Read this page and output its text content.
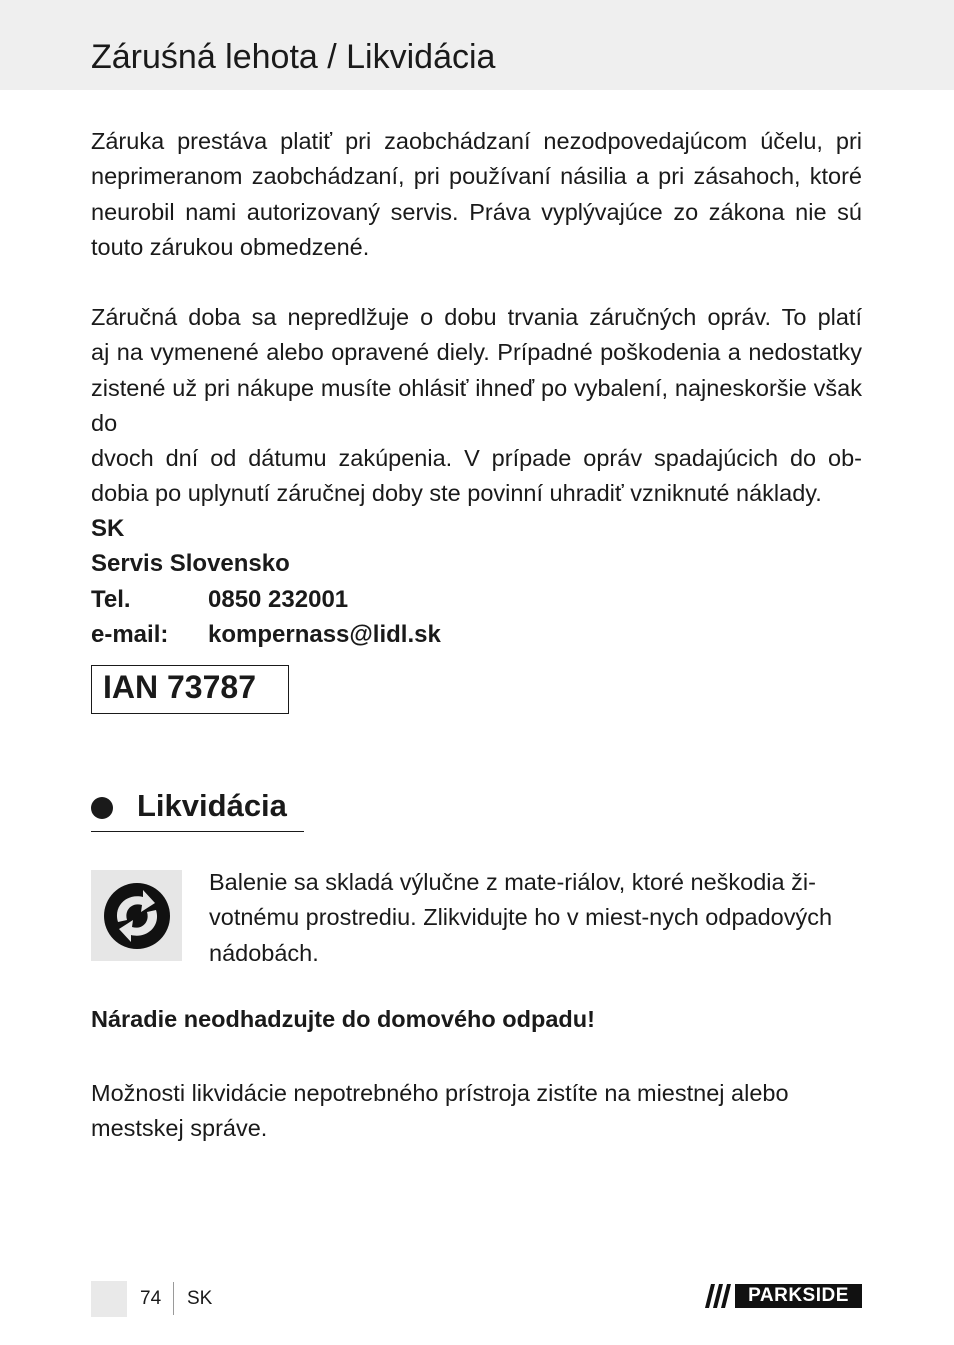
Záruśná lehota / Likvidácia
Záruka prestáva platiť pri zaobchádzaní nezodpovedajúcom účelu, pri
neprimeranom zaobchádzaní, pri používaní násilia a pri zásahoch, ktoré
neurobil nami autorizovaný servis. Práva vyplývajúce zo zákona nie sú
touto zárukou obmedzené.
Záručná doba sa nepredlžuje o dobu trvania záručných opráv. To platí
aj na vymenené alebo opravené diely. Prípadné poškodenia a nedostatky
zistené už pri nákupe musíte ohlásiť ihneď po vybalení, najneskoršie však do
dvoch dní od dátumu zakúpenia. V prípade opráv spadajúcich do ob-
dobia po uplynutí záručnej doby ste povinní uhradiť vzniknuté náklady.
SK
Servis Slovensko
Tel.	0850 232001
e-mail: kompernass@lidl.sk
IAN 73787
Likvidácia
Balenie sa skladá výlučne z mate-riálov, ktoré neškodia ži-
votnému prostrediu. Zlikvidujte ho v miest-nych odpadových
nádobách.
Náradie neodhadzujte do domového odpadu!
Možnosti likvidácie nepotrebného prístroja zistíte na miestnej alebo
mestskej správe.
74 SK	PARKSIDE
